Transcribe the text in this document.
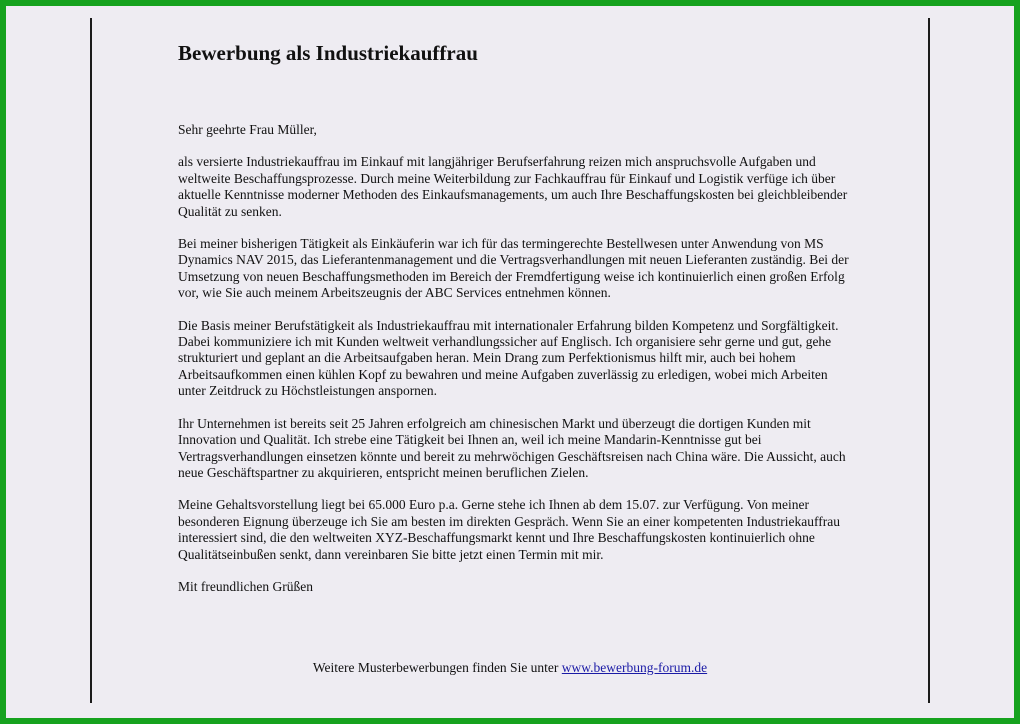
Bewerbung als Industriekauffrau

Sehr geehrte Frau Müller,

als versierte Industriekauffrau im Einkauf mit langjähriger Berufserfahrung reizen mich anspruchsvolle Aufgaben und weltweite Beschaffungsprozesse. Durch meine Weiterbildung zur Fachkauffrau für Einkauf und Logistik verfüge ich über aktuelle Kenntnisse moderner Methoden des Einkaufsmanagements, um auch Ihre Beschaffungskosten bei gleichbleibender Qualität zu senken.

Bei meiner bisherigen Tätigkeit als Einkäuferin war ich für das termingerechte Bestellwesen unter Anwendung von MS Dynamics NAV 2015, das Lieferantenmanagement und die Vertragsverhandlungen mit neuen Lieferanten zuständig. Bei der Umsetzung von neuen Beschaffungsmethoden im Bereich der Fremdfertigung weise ich kontinuierlich einen großen Erfolg vor, wie Sie auch meinem Arbeitszeugnis der ABC Services entnehmen können.

Die Basis meiner Berufstätigkeit als Industriekauffrau mit internationaler Erfahrung bilden Kompetenz und Sorgfältigkeit. Dabei kommuniziere ich mit Kunden weltweit verhandlungssicher auf Englisch. Ich organisiere sehr gerne und gut, gehe strukturiert und geplant an die Arbeitsaufgaben heran. Mein Drang zum Perfektionismus hilft mir, auch bei hohem Arbeitsaufkommen einen kühlen Kopf zu bewahren und meine Aufgaben zuverlässig zu erledigen, wobei mich Arbeiten unter Zeitdruck zu Höchstleistungen anspornen.

Ihr Unternehmen ist bereits seit 25 Jahren erfolgreich am chinesischen Markt und überzeugt die dortigen Kunden mit Innovation und Qualität. Ich strebe eine Tätigkeit bei Ihnen an, weil ich meine Mandarin-Kenntnisse gut bei Vertragsverhandlungen einsetzen könnte und bereit zu mehrwöchigen Geschäftsreisen nach China wäre. Die Aussicht, auch neue Geschäftspartner zu akquirieren, entspricht meinen beruflichen Zielen.

Meine Gehaltsvorstellung liegt bei 65.000 Euro p.a. Gerne stehe ich Ihnen ab dem 15.07. zur Verfügung. Von meiner besonderen Eignung überzeuge ich Sie am besten im direkten Gespräch. Wenn Sie an einer kompetenten Industriekauffrau interessiert sind, die den weltweiten XYZ-Beschaffungsmarkt kennt und Ihre Beschaffungskosten kontinuierlich ohne Qualitätseinbußen senkt, dann vereinbaren Sie bitte jetzt einen Termin mit mir.

Mit freundlichen Grüßen

Weitere Musterbewerbungen finden Sie unter www.bewerbung-forum.de
